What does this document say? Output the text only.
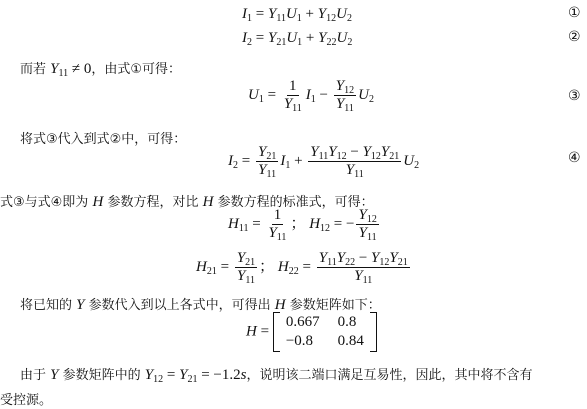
$I_1 = Y_{11}U_1 + Y_{12}U_2$	①
$I_2 = Y_{21}U_1 + Y_{22}U_2$	②
而若 $Y_{11} \ne 0$，由式①可得：
$U_1 = \frac{1}{Y_{11}} I_1 - \frac{Y_{12}}{Y_{11}} U_2$	③
将式③代入到式②中，可得：
$I_2 = \frac{Y_{21}}{Y_{11}} I_1 + \frac{Y_{11}Y_{12} - Y_{12}Y_{21}}{Y_{11}} U_2$	④
式③与式④即为 H 参数方程，对比 H 参数方程的标准式，可得：
$H_{11} = \frac{1}{Y_{11}}$ ； $H_{12}$ = − $\frac{Y_{12}}{Y_{11}}$
$H_{21} = \frac{Y_{21}}{Y_{11}}$ ； $H_{22} = \frac{Y_{11}Y_{22} - Y_{12}Y_{21}}{Y_{11}}$
将已知的 Y 参数代入到以上各式中，可得出 H 参数矩阵如下：
H =
0.667 0.8
−0.8	0.84
由于 Y 参数矩阵中的 $Y_{12} = Y_{21} = -1.2s$，说明该二端口满足互易性，因此，其中将不含有
受控源。
